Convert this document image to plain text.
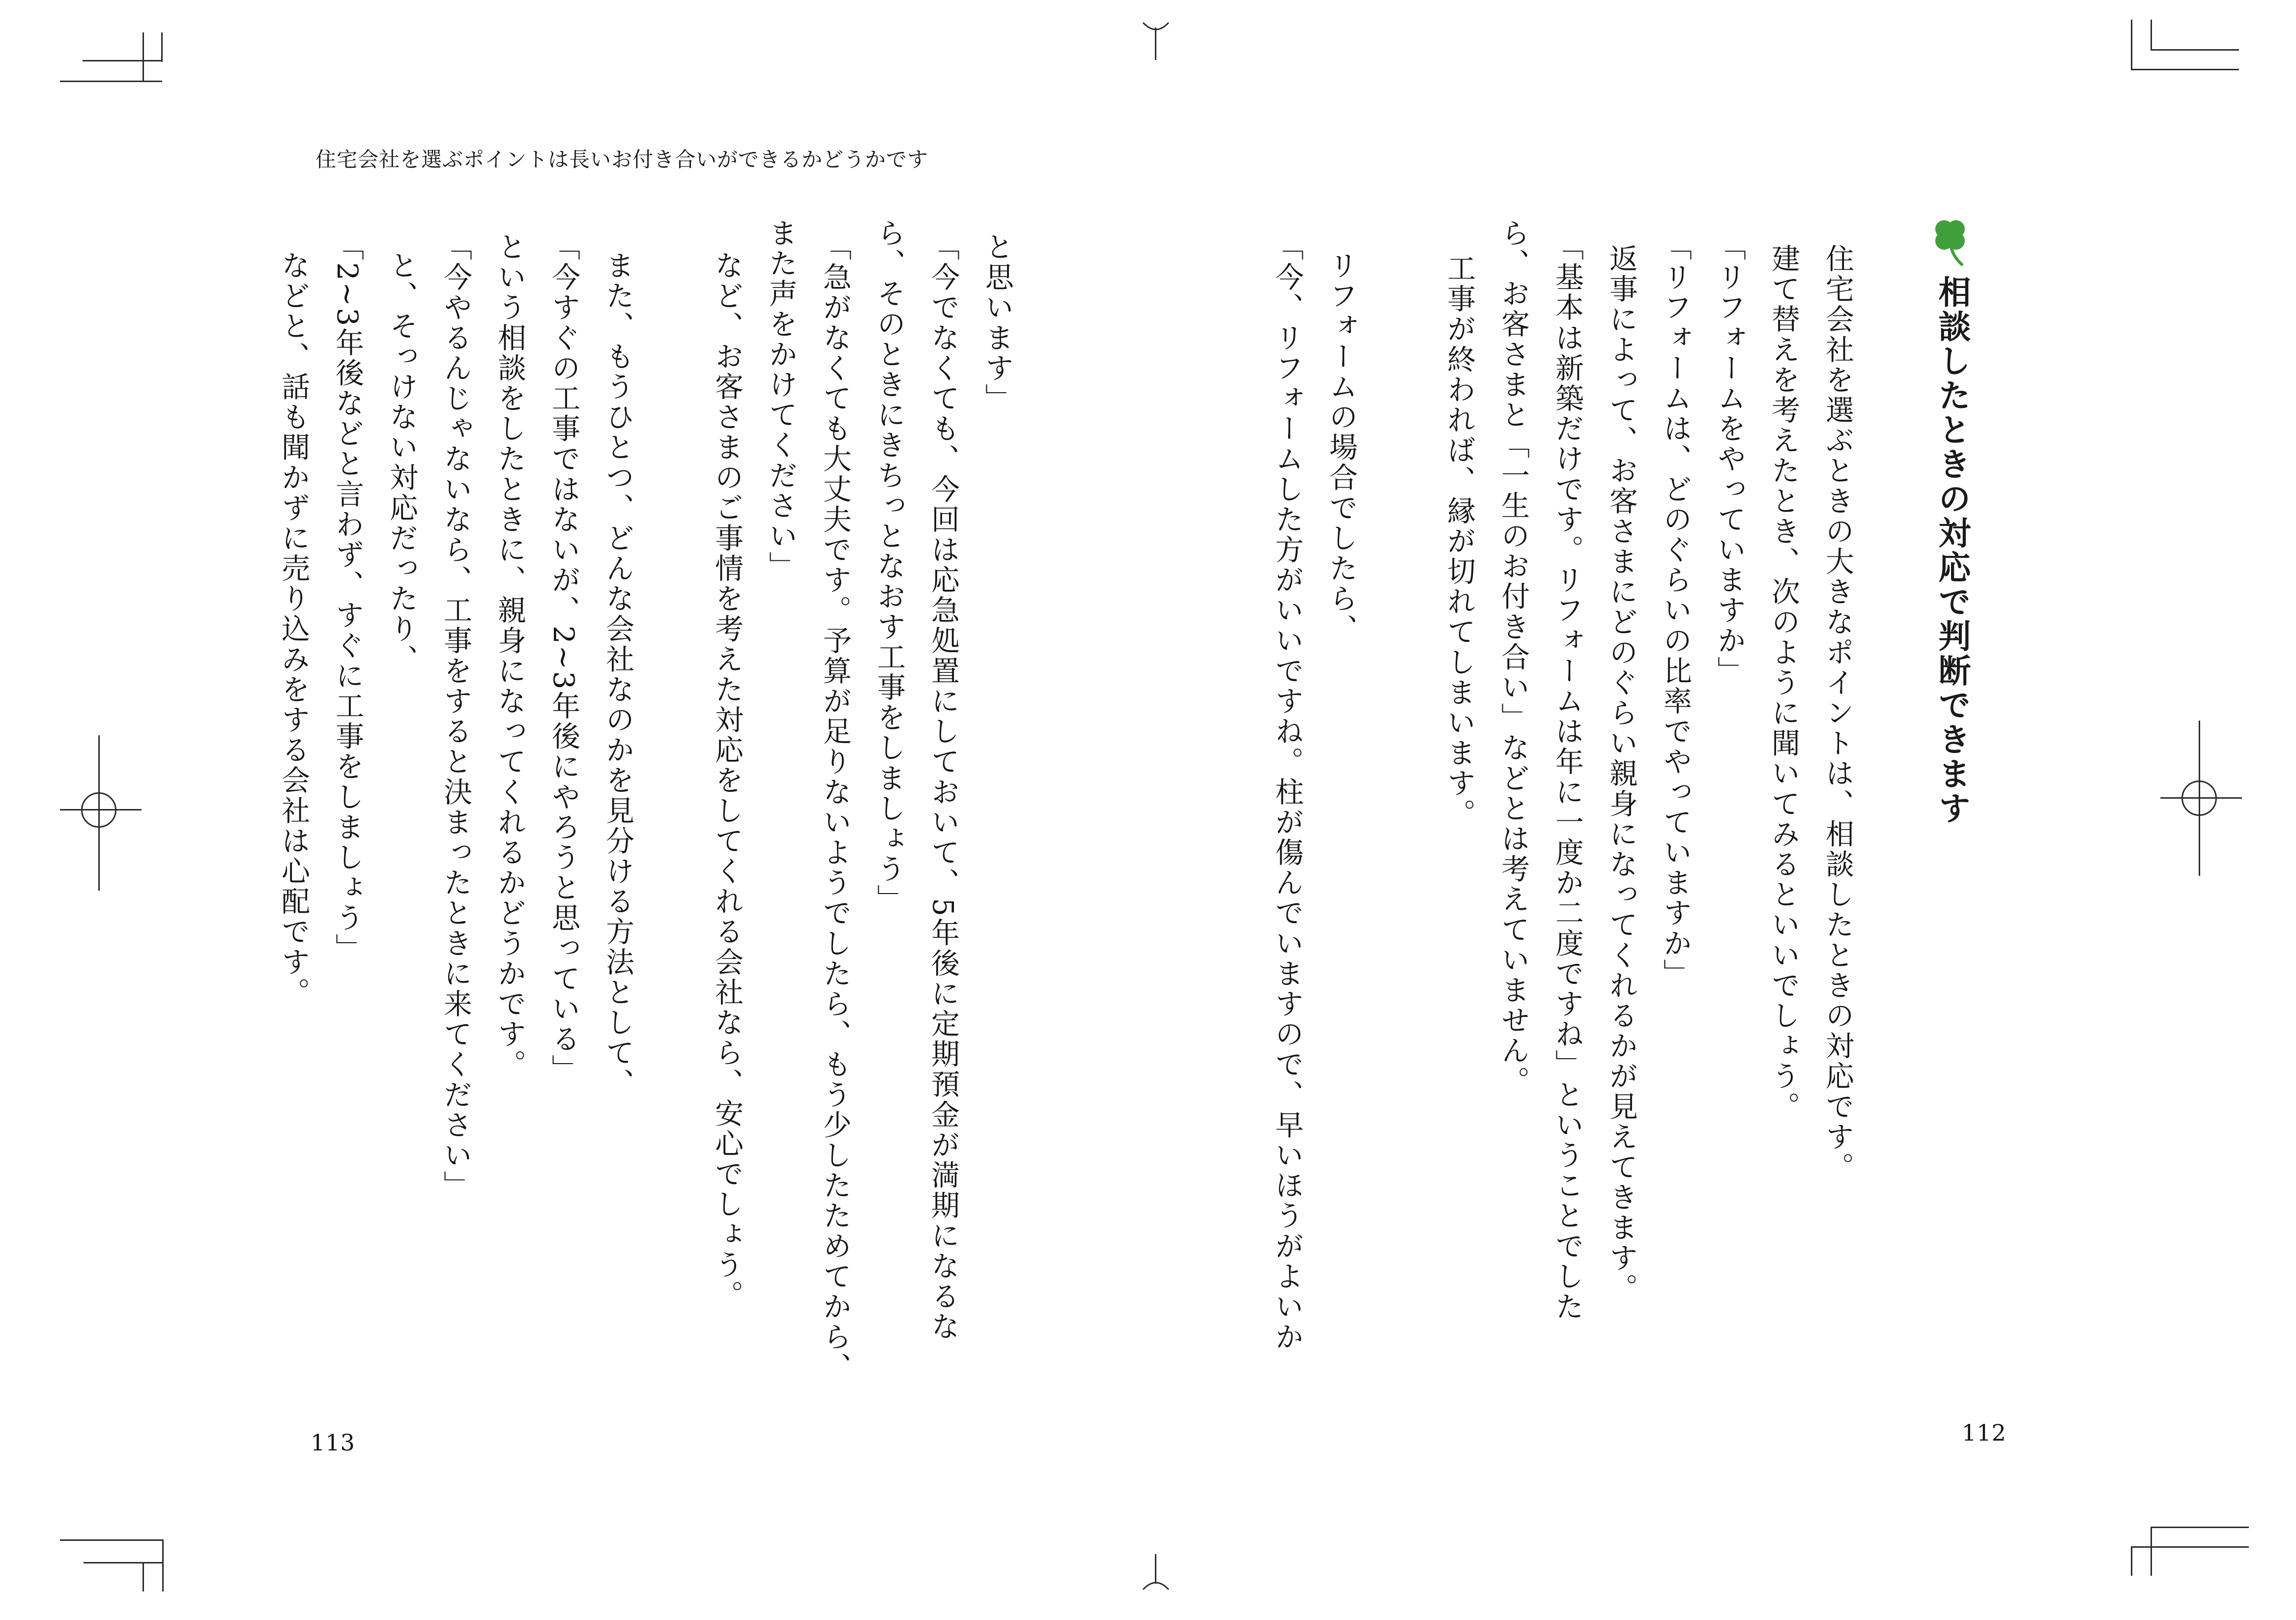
住宅会社を選ぶポイントは長いお付き合いができるかどうかです
相談したときの対応で判断できます
住宅会社を選ぶときの大きなポイントは、相談したときの対応です。
建て替えを考えたとき、次のように聞いてみるといいでしょう。
「リフォームをやっていますか」
「リフォームは、どのぐらいの比率でやっていますか」
返事によって、お客さまにどのぐらい親身になってくれるかが見えてきます。
「基本は新築だけです。リフォームは年に一度か二度ですね」ということでした
ら、お客さまと「一生のお付き合い」などとは考えていません。
工事が終われば、縁が切れてしまいます。
リフォームの場合でしたら、
「今、リフォームした方がいいですね。柱が傷んでいますので、早いほうがよいか
112
と思います」
「今でなくても、今回は応急処置にしておいて、5年後に定期預金が満期になるな
ら、そのときにきちっとなおす工事をしましょう」
「急がなくても大丈夫です。予算が足りないようでしたら、もう少したためてから、
また声をかけてください」
など、お客さまのご事情を考えた対応をしてくれる会社なら、安心でしょう。
また、もうひとつ、どんな会社なのかを見分ける方法として、
「今すぐの工事ではないが、2~3年後にやろうと思っている」
という相談をしたときに、親身になってくれるかどうかです。
「今やるんじゃないなら、工事をすると決まったときに来てください」
と、そっけない対応だったり、
「2~3年後などと言わず、すぐに工事をしましょう」
などと、話も聞かずに売り込みをする会社は心配です。
113
